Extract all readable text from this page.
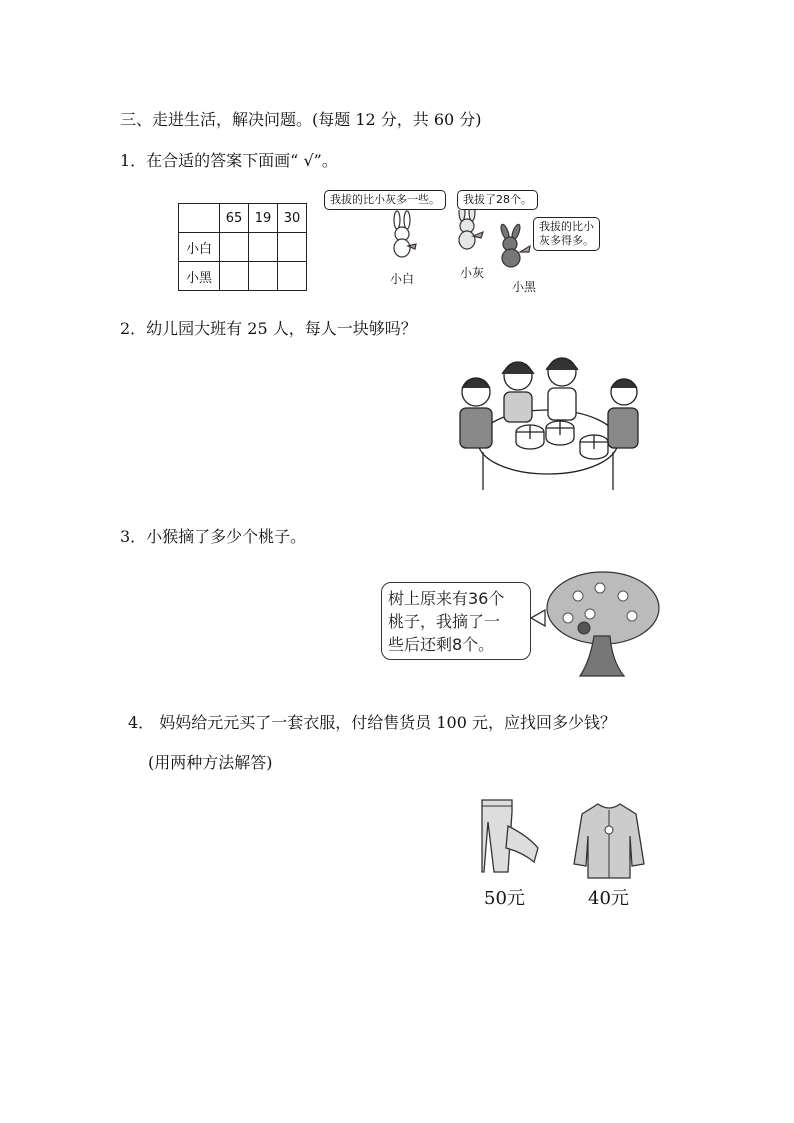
三、走进生活，解决问题。(每题 12 分，共 60 分)
1．在合适的答案下面画“ √”。
	65	19	30
小白			
小黑			
我拔的比小灰多一些。	我拔了28个。
我拔的比小
灰多得多。
小白	小灰
小黑
2．幼儿园大班有 25 人，每人一块够吗？
3．小猴摘了多少个桃子。
树上原来有36个
桃子，我摘了一
些后还剩8个。
4． 妈妈给元元买了一套衣服，付给售货员 100 元，应找回多少钱？
(用两种方法解答)
50元	40元
